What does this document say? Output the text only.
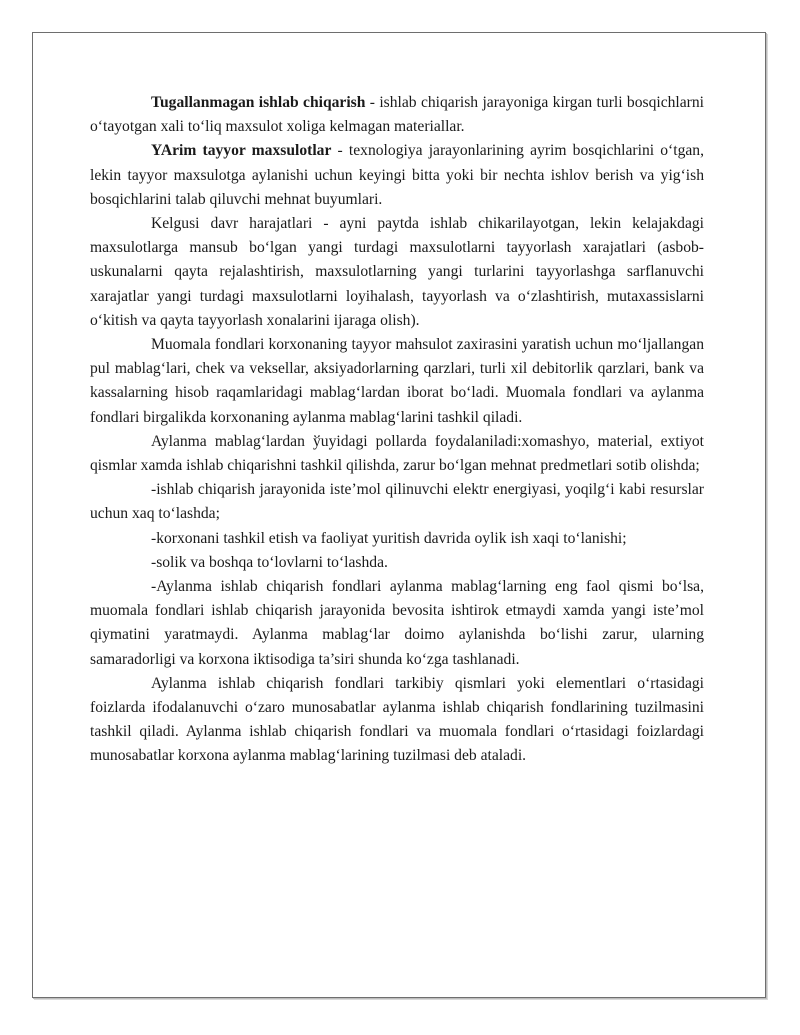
Tugallanmagan ishlab chiqarish - ishlab chiqarish jarayoniga kirgan turli bosqichlarni o‘tayotgan xali to‘liq maxsulot xoliga kelmagan materiallar.

YArim tayyor maxsulotlar - texnologiya jarayonlarining ayrim bosqichlarini o‘tgan, lekin tayyor maxsulotga aylanishi uchun keyingi bitta yoki bir nechta ishlov berish va yig‘ish bosqichlarini talab qiluvchi mehnat buyumlari.

Kelgusi davr harajatlari - ayni paytda ishlab chikarilayotgan, lekin kelajakdagi maxsulotlarga mansub bo‘lgan yangi turdagi maxsulotlarni tayyorlash xarajatlari (asbob-uskunalarni qayta rejalashtirish, maxsulotlarning yangi turlarini tayyorlashga sarflanuvchi xarajatlar yangi turdagi maxsulotlarni loyihalash, tayyorlash va o‘zlashtirish, mutaxassislarni o‘kitish va qayta tayyorlash xonalarini ijaraga olish).

Muomala fondlari korxonaning tayyor mahsulot zaxirasini yaratish uchun mo‘ljallangan pul mablag‘lari, chek va veksellar, aksiyadorlarning qarzlari, turli xil debitorlik qarzlari, bank va kassalarning hisob raqamlaridagi mablag‘lardan iborat bo‘ladi. Muomala fondlari va aylanma fondlari birgalikda korxonaning aylanma mablag‘larini tashkil qiladi.

Aylanma mablag‘lardan ўuyidagi pollarda foydalaniladi:xomashyo, material, extiyot qismlar xamda ishlab chiqarishni tashkil qilishda, zarur bo‘lgan mehnat predmetlari sotib olishda;

-ishlab chiqarish jarayonida iste’mol qilinuvchi elektr energiyasi, yoqilg‘i kabi resurslar uchun xaq to‘lashda;

-korxonani tashkil etish va faoliyat yuritish davrida oylik ish xaqi to‘lanishi;

-solik va boshqa to‘lovlarni to‘lashda.

-Aylanma ishlab chiqarish fondlari aylanma mablag‘larning eng faol qismi bo‘lsa, muomala fondlari ishlab chiqarish jarayonida bevosita ishtirok etmaydi xamda yangi iste’mol qiymatini yaratmaydi. Aylanma mablag‘lar doimo aylanishda bo‘lishi zarur, ularning samaradorligi va korxona iktisodiga ta’siri shunda ko‘zga tashlanadi.

Aylanma ishlab chiqarish fondlari tarkibiy qismlari yoki elementlari o‘rtasidagi foizlarda ifodalanuvchi o‘zaro munosabatlar aylanma ishlab chiqarish fondlarining tuzilmasini tashkil qiladi. Aylanma ishlab chiqarish fondlari va muomala fondlari o‘rtasidagi foizlardagi munosabatlar korxona aylanma mablag‘larining tuzilmasi deb ataladi.
